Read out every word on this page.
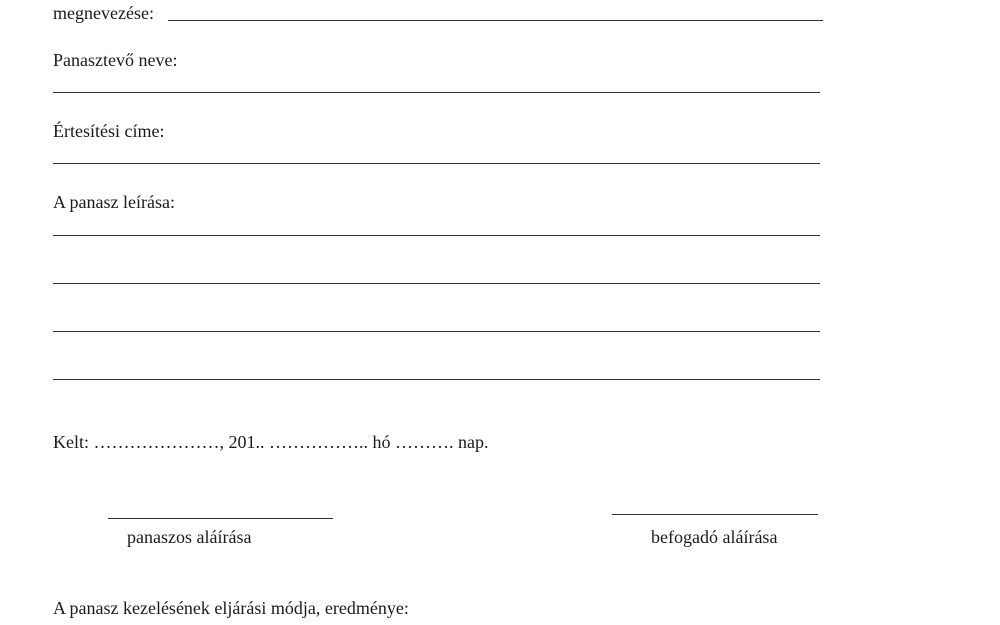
megnevezése:
Panasztevő neve:
Értesítési címe:
A panasz leírása:
Kelt: …………………, 201.. …………….. hó ………. nap.
panaszos aláírása	befogadó aláírása
A panasz kezelésének eljárási módja, eredménye:
